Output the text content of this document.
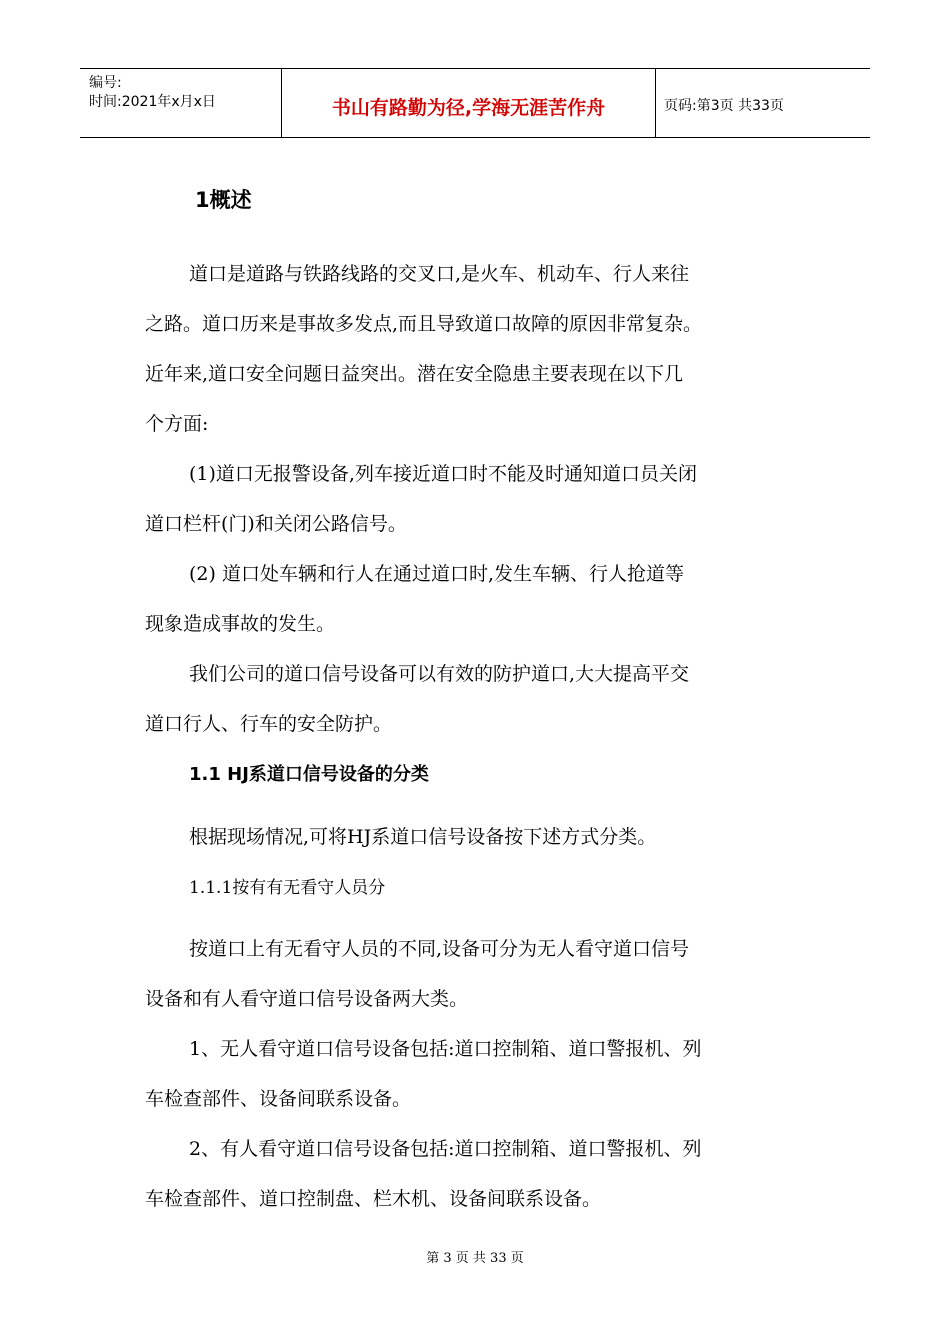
编号:
时间:2021年x月x日	书山有路勤为径,学海无涯苦作舟	页码:第3页 共33页
1概述
道口是道路与铁路线路的交叉口,是火车、机动车、行人来往
之路。道口历来是事故多发点,而且导致道口故障的原因非常复杂。
近年来,道口安全问题日益突出。潜在安全隐患主要表现在以下几
个方面:
(1)道口无报警设备,列车接近道口时不能及时通知道口员关闭
道口栏杆(门)和关闭公路信号。
(2) 道口处车辆和行人在通过道口时,发生车辆、行人抢道等
现象造成事故的发生。
我们公司的道口信号设备可以有效的防护道口,大大提高平交
道口行人、行车的安全防护。
1.1 HJ系道口信号设备的分类
根据现场情况,可将HJ系道口信号设备按下述方式分类。
1.1.1按有有无看守人员分
按道口上有无看守人员的不同,设备可分为无人看守道口信号
设备和有人看守道口信号设备两大类。
1、无人看守道口信号设备包括:道口控制箱、道口警报机、列
车检查部件、设备间联系设备。
2、有人看守道口信号设备包括:道口控制箱、道口警报机、列
车检查部件、道口控制盘、栏木机、设备间联系设备。
第 3 页 共 33 页
